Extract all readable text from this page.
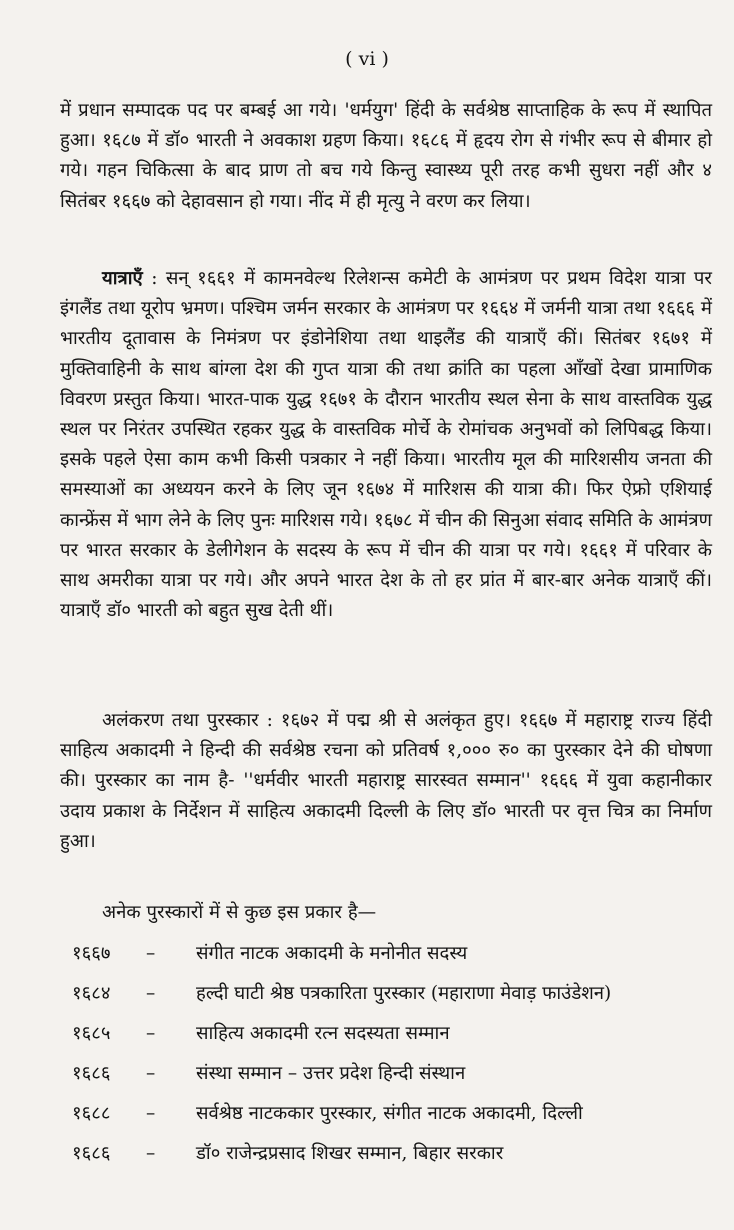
( vi )

में प्रधान सम्पादक पद पर बम्बई आ गये। 'धर्मयुग' हिंदी के सर्वश्रेष्ठ साप्ताहिक के रूप में स्थापित हुआ। १६८७ में डॉ० भारती ने अवकाश ग्रहण किया। १६८६ में हृदय रोग से गंभीर रूप से बीमार हो गये। गहन चिकित्सा के बाद प्राण तो बच गये किन्तु स्वास्थ्य पूरी तरह कभी सुधरा नहीं और ४ सितंबर १६६७ को देहावसान हो गया। नींद में ही मृत्यु ने वरण कर लिया।

यात्राएँ : सन् १६६१ में कामनवेल्थ रिलेशन्स कमेटी के आमंत्रण पर प्रथम विदेश यात्रा पर इंगलैंड तथा यूरोप भ्रमण। पश्चिम जर्मन सरकार के आमंत्रण पर १६६४ में जर्मनी यात्रा तथा १६६६ में भारतीय दूतावास के निमंत्रण पर इंडोनेशिया तथा थाइलैंड की यात्राएँ कीं। सितंबर १६७१ में मुक्तिवाहिनी के साथ बांग्ला देश की गुप्त यात्रा की तथा क्रांति का पहला आँखों देखा प्रामाणिक विवरण प्रस्तुत किया। भारत-पाक युद्ध १६७१ के दौरान भारतीय स्थल सेना के साथ वास्तविक युद्ध स्थल पर निरंतर उपस्थित रहकर युद्ध के वास्तविक मोर्चे के रोमांचक अनुभवों को लिपिबद्ध किया। इसके पहले ऐसा काम कभी किसी पत्रकार ने नहीं किया। भारतीय मूल की मारिशसीय जनता की समस्याओं का अध्ययन करने के लिए जून १६७४ में मारिशस की यात्रा की। फिर ऐफ्रो एशियाई कान्फ्रेंस में भाग लेने के लिए पुनः मारिशस गये। १६७८ में चीन की सिनुआ संवाद समिति के आमंत्रण पर भारत सरकार के डेलीगेशन के सदस्य के रूप में चीन की यात्रा पर गये। १६६१ में परिवार के साथ अमरीका यात्रा पर गये। और अपने भारत देश के तो हर प्रांत में बार-बार अनेक यात्राएँ कीं। यात्राएँ डॉ० भारती को बहुत सुख देती थीं।

अलंकरण तथा पुरस्कार : १६७२ में पद्म श्री से अलंकृत हुए। १६६७ में महाराष्ट्र राज्य हिंदी साहित्य अकादमी ने हिन्दी की सर्वश्रेष्ठ रचना को प्रतिवर्ष १,००० रु० का पुरस्कार देने की घोषणा की। पुरस्कार का नाम है- ''धर्मवीर भारती महाराष्ट्र सारस्वत सम्मान'' १६६६ में युवा कहानीकार उदाय प्रकाश के निर्देशन में साहित्य अकादमी दिल्ली के लिए डॉ० भारती पर वृत्त चित्र का निर्माण हुआ।

अनेक पुरस्कारों में से कुछ इस प्रकार है—
१६६७	–	संगीत नाटक अकादमी के मनोनीत सदस्य
१६८४	–	हल्दी घाटी श्रेष्ठ पत्रकारिता पुरस्कार (महाराणा मेवाड़ फाउंडेशन)
१६८५	–	साहित्य अकादमी रत्न सदस्यता सम्मान
१६८६	–	संस्था सम्मान – उत्तर प्रदेश हिन्दी संस्थान
१६८८	–	सर्वश्रेष्ठ नाटककार पुरस्कार, संगीत नाटक अकादमी, दिल्ली
१६८६	–	डॉ० राजेन्द्रप्रसाद शिखर सम्मान, बिहार सरकार
